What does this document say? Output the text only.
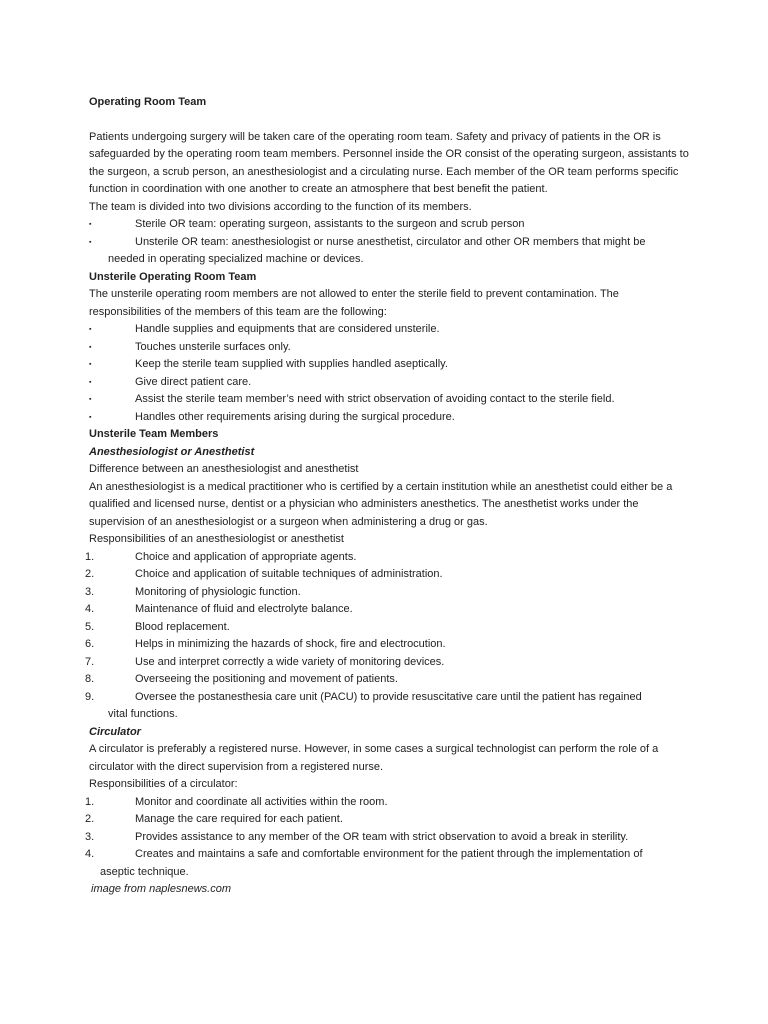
Operating Room Team

Patients undergoing surgery will be taken care of the operating room team. Safety and privacy of patients in the OR is safeguarded by the operating room team members. Personnel inside the OR consist of the operating surgeon, assistants to the surgeon, a scrub person, an anesthesiologist and a circulating nurse. Each member of the OR team performs specific function in coordination with one another to create an atmosphere that best benefit the patient.

The team is divided into two divisions according to the function of its members.

▪	Sterile OR team: operating surgeon, assistants to the surgeon and scrub person
▪	Unsterile OR team: anesthesiologist or nurse anesthetist, circulator and other OR members that might be
needed in operating specialized machine or devices.

Unsterile Operating Room Team

The unsterile operating room members are not allowed to enter the sterile field to prevent contamination. The responsibilities of the members of this team are the following:

▪	Handle supplies and equipments that are considered unsterile.
▪	Touches unsterile surfaces only.
▪	Keep the sterile team supplied with supplies handled aseptically.
▪	Give direct patient care.
▪	Assist the sterile team member’s need with strict observation of avoiding contact to the sterile field.
▪	Handles other requirements arising during the surgical procedure.

Unsterile Team Members

Anesthesiologist or Anesthetist

Difference between an anesthesiologist and anesthetist

An anesthesiologist is a medical practitioner who is certified by a certain institution while an anesthetist could either be a qualified and licensed nurse, dentist or a physician who administers anesthetics. The anesthetist works under the supervision of an anesthesiologist or a surgeon when administering a drug or gas.

Responsibilities of an anesthesiologist or anesthetist

1.	Choice and application of appropriate agents.
2.	Choice and application of suitable techniques of administration.
3.	Monitoring of physiologic function.
4.	Maintenance of fluid and electrolyte balance.
5.	Blood replacement.
6.	Helps in minimizing the hazards of shock, fire and electrocution.
7.	Use and interpret correctly a wide variety of monitoring devices.
8.	Overseeing the positioning and movement of patients.
9.	Oversee the postanesthesia care unit (PACU) to provide resuscitative care until the patient has regained
vital functions.

Circulator

A circulator is preferably a registered nurse. However, in some cases a surgical technologist can perform the role of a circulator with the direct supervision from a registered nurse.

Responsibilities of a circulator:

1.	Monitor and coordinate all activities within the room.
2.	Manage the care required for each patient.
3.	Provides assistance to any member of the OR team with strict observation to avoid a break in sterility.
4.	Creates and maintains a safe and comfortable environment for the patient through the implementation of
aseptic technique.

image from naplesnews.com
